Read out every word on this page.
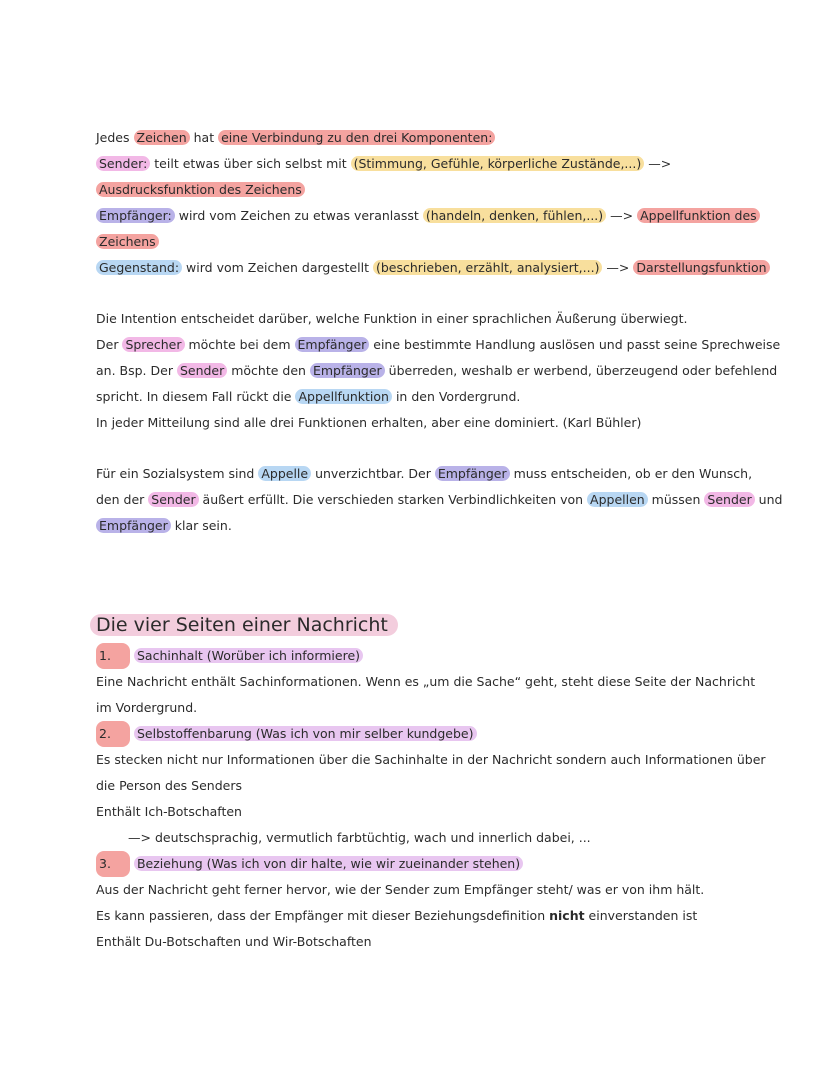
Jedes Zeichen hat eine Verbindung zu den drei Komponenten:
Sender: teilt etwas über sich selbst mit (Stimmung, Gefühle, körperliche Zustände,...) —>
Ausdrucksfunktion des Zeichens
Empfänger: wird vom Zeichen zu etwas veranlasst (handeln, denken, fühlen,...) —> Appellfunktion des
Zeichens
Gegenstand: wird vom Zeichen dargestellt (beschrieben, erzählt, analysiert,...) —> Darstellungsfunktion
Die Intention entscheidet darüber, welche Funktion in einer sprachlichen Äußerung überwiegt.
Der Sprecher möchte bei dem Empfänger eine bestimmte Handlung auslösen und passt seine Sprechweise
an. Bsp. Der Sender möchte den Empfänger überreden, weshalb er werbend, überzeugend oder befehlend
spricht. In diesem Fall rückt die Appellfunktion in den Vordergrund.
In jeder Mitteilung sind alle drei Funktionen erhalten, aber eine dominiert. (Karl Bühler)
Für ein Sozialsystem sind Appelle unverzichtbar. Der Empfänger muss entscheiden, ob er den Wunsch,
den der Sender äußert erfüllt. Die verschieden starken Verbindlichkeiten von Appellen müssen Sender und
Empfänger klar sein.
Die vier Seiten einer Nachricht
1. Sachinhalt (Worüber ich informiere)
Eine Nachricht enthält Sachinformationen. Wenn es „um die Sache“ geht, steht diese Seite der Nachricht
im Vordergrund.
2. Selbstoffenbarung (Was ich von mir selber kundgebe)
Es stecken nicht nur Informationen über die Sachinhalte in der Nachricht sondern auch Informationen über
die Person des Senders
Enthält Ich-Botschaften
—> deutschsprachig, vermutlich farbtüchtig, wach und innerlich dabei, ...
3. Beziehung (Was ich von dir halte, wie wir zueinander stehen)
Aus der Nachricht geht ferner hervor, wie der Sender zum Empfänger steht/ was er von ihm hält.
Es kann passieren, dass der Empfänger mit dieser Beziehungsdefinition nicht einverstanden ist
Enthält Du-Botschaften und Wir-Botschaften
